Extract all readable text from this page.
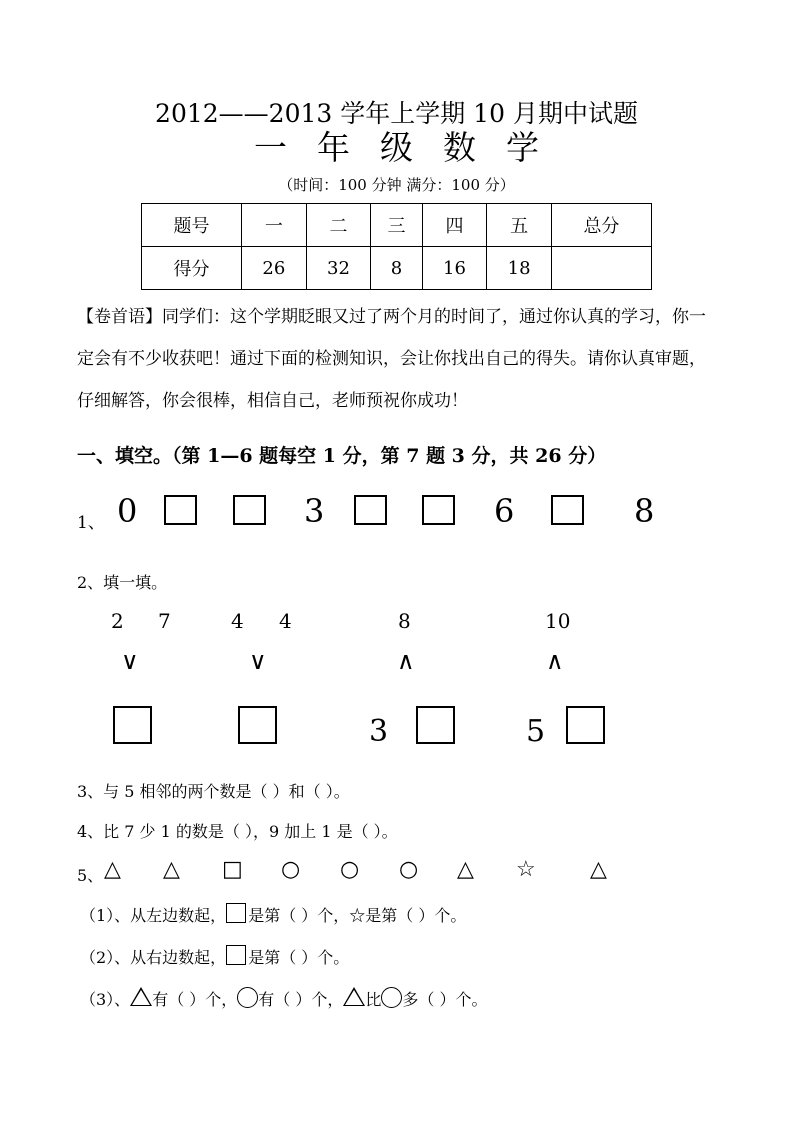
2012——2013 学年上学期 10 月期中试题
一年级数学
（时间：100 分钟 满分：100 分）
题号	一	二	三	四	五	总分
得分	26	32	8	16	18	
【卷首语】同学们：这个学期眨眼又过了两个月的时间了，通过你认真的学习，你一定会有不少收获吧！通过下面的检测知识，会让你找出自己的得失。请你认真审题，仔细解答，你会很棒，相信自己，老师预祝你成功！
一、填空。（第 1—6 题每空 1 分，第 7 题 3 分，共 26 分）
1、 0	3	6	8
2、填一填。
2 7	4 4	8	10
∨	∨	∧	∧
3	5
3、与 5 相邻的两个数是（ ）和（ ）。
4、比 7 少 1 的数是（ ），9 加上 1 是（ ）。
5、 △ △ □ ○ ○ ○ △ ☆ △
（1）、从左边数起， 是第（ ）个，☆是第（ ）个。
（2）、从右边数起， 是第（ ）个。
（3）、 有（ ）个， 有（ ）个， 比 多（ ）个。
